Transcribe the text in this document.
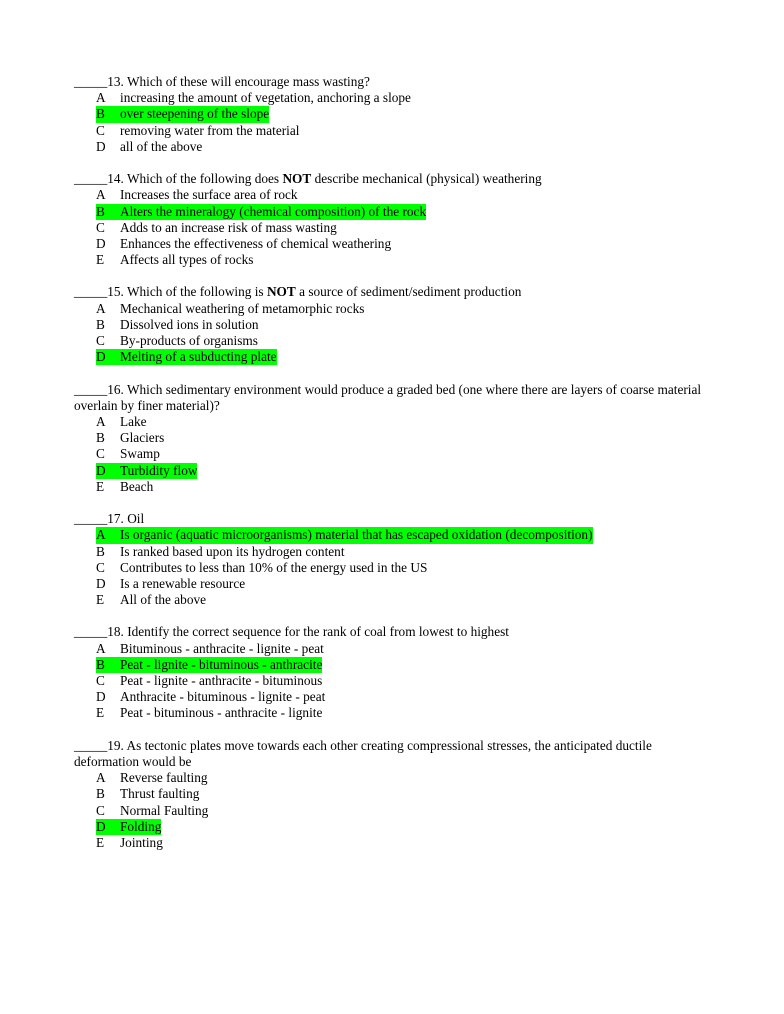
_____13. Which of these will encourage mass wasting?
A increasing the amount of vegetation, anchoring a slope
B over steepening of the slope
C removing water from the material
D all of the above
_____14. Which of the following does NOT describe mechanical (physical) weathering
A Increases the surface area of rock
B Alters the mineralogy (chemical composition) of the rock
C Adds to an increase risk of mass wasting
D Enhances the effectiveness of chemical weathering
E Affects all types of rocks
_____15. Which of the following is NOT a source of sediment/sediment production
A Mechanical weathering of metamorphic rocks
B Dissolved ions in solution
C By-products of organisms
D Melting of a subducting plate
_____16. Which sedimentary environment would produce a graded bed (one where there are layers of coarse material overlain by finer material)?
A Lake
B Glaciers
C Swamp
D Turbidity flow
E Beach
_____17. Oil
A Is organic (aquatic microorganisms) material that has escaped oxidation (decomposition)
B Is ranked based upon its hydrogen content
C Contributes to less than 10% of the energy used in the US
D Is a renewable resource
E All of the above
_____18. Identify the correct sequence for the rank of coal from lowest to highest
A Bituminous - anthracite - lignite - peat
B Peat - lignite - bituminous - anthracite
C Peat - lignite - anthracite - bituminous
D Anthracite - bituminous - lignite - peat
E Peat - bituminous - anthracite - lignite
_____19. As tectonic plates move towards each other creating compressional stresses, the anticipated ductile deformation would be
A Reverse faulting
B Thrust faulting
C Normal Faulting
D Folding
E Jointing
